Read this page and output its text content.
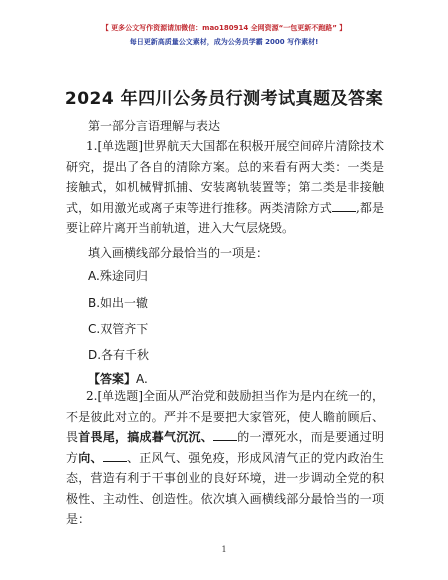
【 更多公文写作资源请加微信：mao180914 全网资源“一包更新不跑路” 】
每日更新高质量公文素材，成为公务员学霸 2000 写作素材!
2024 年四川公务员行测考试真题及答案
第一部分言语理解与表达
1.[单选题]世界航天大国都在积极开展空间碎片清除技术研究，提出了各自的清除方案。总的来看有两大类：一类是接触式，如机械臂抓捕、安装离轨装置等；第二类是非接触式，如用激光或离子束等进行推移。两类清除方式 ,都是要让碎片离开当前轨道，进入大气层烧毁。
填入画横线部分最恰当的一项是：
A.殊途同归
B.如出一辙
C.双管齐下
D.各有千秋
【答案】A.
2.[单选题]全面从严治党和鼓励担当作为是内在统一的，不是彼此对立的。严并不是要把大家管死，使人瞻前顾后、畏首畏尾，搞成暮气沉沉、 的一潭死水，而是要通过明方向、 、正风气、强免疫，形成风清气正的党内政治生态，营造有利于干事创业的良好环境，进一步调动全党的积极性、主动性、创造性。依次填入画横线部分最恰当的一项是：
1
